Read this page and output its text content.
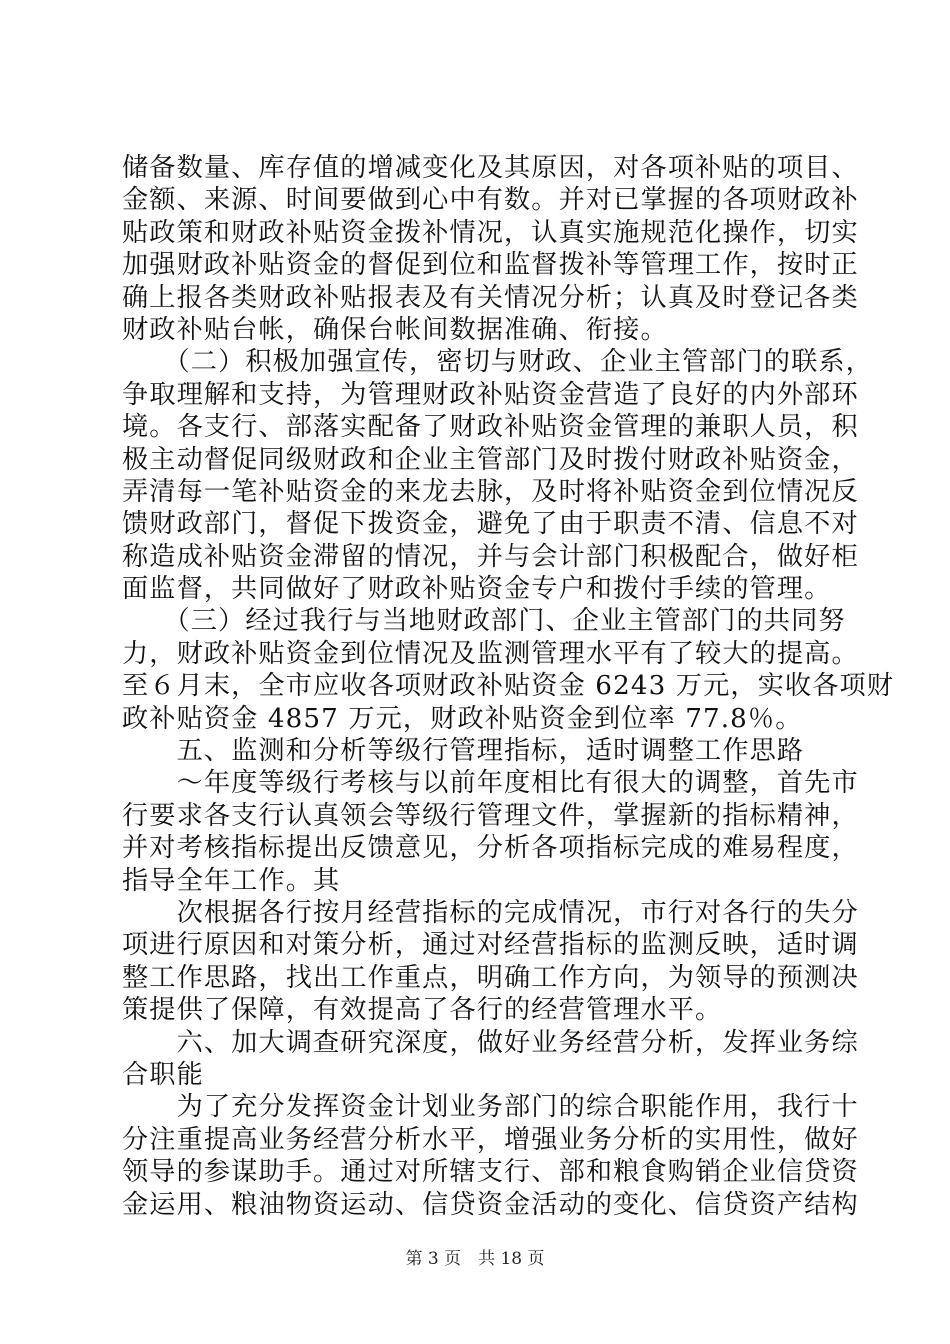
储备数量、库存值的增减变化及其原因，对各项补贴的项目、
金额、来源、时间要做到心中有数。并对已掌握的各项财政补
贴政策和财政补贴资金拨补情况，认真实施规范化操作，切实
加强财政补贴资金的督促到位和监督拨补等管理工作，按时正
确上报各类财政补贴报表及有关情况分析；认真及时登记各类
财政补贴台帐，确保台帐间数据准确、衔接。
　　（二）积极加强宣传，密切与财政、企业主管部门的联系，
争取理解和支持，为管理财政补贴资金营造了良好的内外部环
境。各支行、部落实配备了财政补贴资金管理的兼职人员，积
极主动督促同级财政和企业主管部门及时拨付财政补贴资金，
弄清每一笔补贴资金的来龙去脉，及时将补贴资金到位情况反
馈财政部门，督促下拨资金，避免了由于职责不清、信息不对
称造成补贴资金滞留的情况，并与会计部门积极配合，做好柜
面监督，共同做好了财政补贴资金专户和拨付手续的管理。
　　（三）经过我行与当地财政部门、企业主管部门的共同努
力，财政补贴资金到位情况及监测管理水平有了较大的提高。
至６月末，全市应收各项财政补贴资金 6243 万元，实收各项财
政补贴资金 4857 万元，财政补贴资金到位率 77.8％。
　　五、监测和分析等级行管理指标，适时调整工作思路
　　～年度等级行考核与以前年度相比有很大的调整，首先市
行要求各支行认真领会等级行管理文件，掌握新的指标精神，
并对考核指标提出反馈意见，分析各项指标完成的难易程度，
指导全年工作。其
　　次根据各行按月经营指标的完成情况，市行对各行的失分
项进行原因和对策分析，通过对经营指标的监测反映，适时调
整工作思路，找出工作重点，明确工作方向，为领导的预测决
策提供了保障，有效提高了各行的经营管理水平。
　　六、加大调查研究深度，做好业务经营分析，发挥业务综
合职能
　　为了充分发挥资金计划业务部门的综合职能作用，我行十
分注重提高业务经营分析水平，增强业务分析的实用性，做好
领导的参谋助手。通过对所辖支行、部和粮食购销企业信贷资
金运用、粮油物资运动、信贷资金活动的变化、信贷资产结构
第 3 页　共 18 页
